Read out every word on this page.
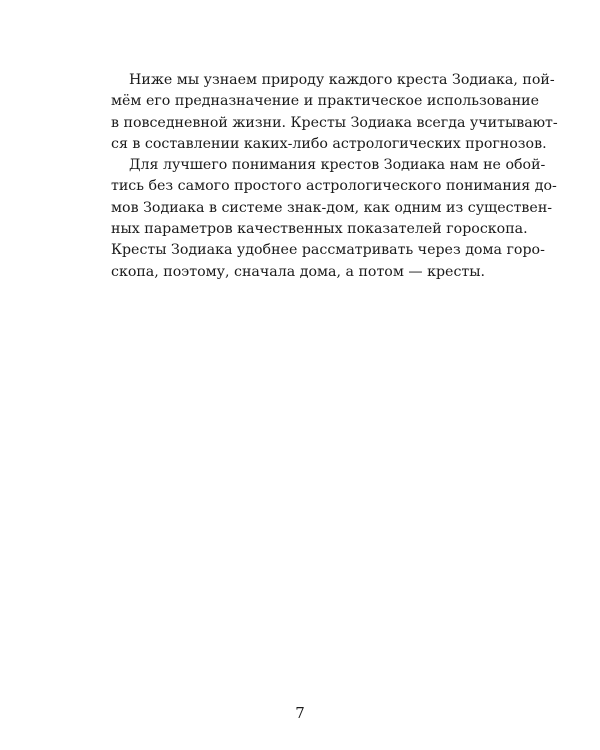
Ниже мы узнаем природу каждого креста Зодиака, пой-
мём его предназначение и практическое использование
в повседневной жизни. Кресты Зодиака всегда учитывают-
ся в составлении каких-либо астрологических прогнозов.
Для лучшего понимания крестов Зодиака нам не обой-
тись без самого простого астрологического понимания до-
мов Зодиака в системе знак-дом, как одним из существен-
ных параметров качественных показателей гороскопа.
Кресты Зодиака удобнее рассматривать через дома горо-
скопа, поэтому, сначала дома, а потом — кресты.
7
